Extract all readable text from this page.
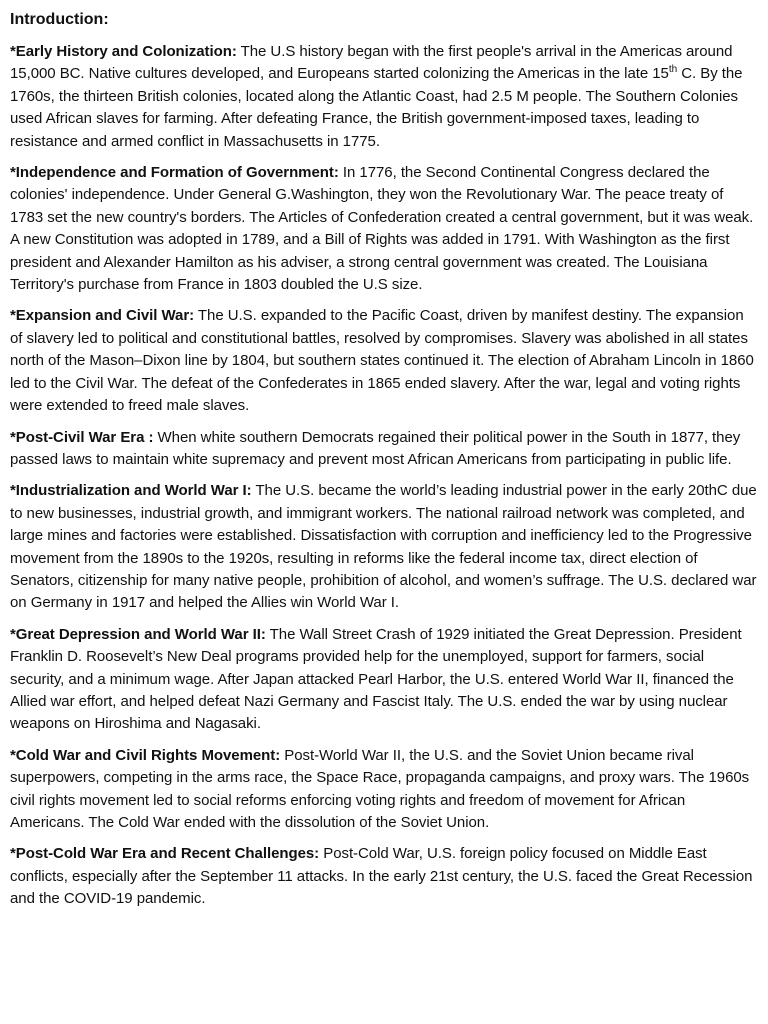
Introduction:

*Early History and Colonization: The U.S history began with the first people's arrival in the Americas around 15,000 BC. Native cultures developed, and Europeans started colonizing the Americas in the late 15th C. By the 1760s, the thirteen British colonies, located along the Atlantic Coast, had 2.5 M people. The Southern Colonies used African slaves for farming. After defeating France, the British government-imposed taxes, leading to resistance and armed conflict in Massachusetts in 1775.

*Independence and Formation of Government: In 1776, the Second Continental Congress declared the colonies' independence. Under General G.Washington, they won the Revolutionary War. The peace treaty of 1783 set the new country's borders. The Articles of Confederation created a central government, but it was weak. A new Constitution was adopted in 1789, and a Bill of Rights was added in 1791. With Washington as the first president and Alexander Hamilton as his adviser, a strong central government was created. The Louisiana Territory's purchase from France in 1803 doubled the U.S size.

*Expansion and Civil War: The U.S. expanded to the Pacific Coast, driven by manifest destiny. The expansion of slavery led to political and constitutional battles, resolved by compromises. Slavery was abolished in all states north of the Mason–Dixon line by 1804, but southern states continued it. The election of Abraham Lincoln in 1860 led to the Civil War. The defeat of the Confederates in 1865 ended slavery. After the war, legal and voting rights were extended to freed male slaves.

*Post-Civil War Era : When white southern Democrats regained their political power in the South in 1877, they passed laws to maintain white supremacy and prevent most African Americans from participating in public life.

*Industrialization and World War I: The U.S. became the world’s leading industrial power in the early 20thC due to new businesses, industrial growth, and immigrant workers. The national railroad network was completed, and large mines and factories were established. Dissatisfaction with corruption and inefficiency led to the Progressive movement from the 1890s to the 1920s, resulting in reforms like the federal income tax, direct election of Senators, citizenship for many native people, prohibition of alcohol, and women’s suffrage. The U.S. declared war on Germany in 1917 and helped the Allies win World War I.

*Great Depression and World War II: The Wall Street Crash of 1929 initiated the Great Depression. President Franklin D. Roosevelt’s New Deal programs provided help for the unemployed, support for farmers, social security, and a minimum wage. After Japan attacked Pearl Harbor, the U.S. entered World War II, financed the Allied war effort, and helped defeat Nazi Germany and Fascist Italy. The U.S. ended the war by using nuclear weapons on Hiroshima and Nagasaki.

*Cold War and Civil Rights Movement: Post-World War II, the U.S. and the Soviet Union became rival superpowers, competing in the arms race, the Space Race, propaganda campaigns, and proxy wars. The 1960s civil rights movement led to social reforms enforcing voting rights and freedom of movement for African Americans. The Cold War ended with the dissolution of the Soviet Union.

*Post-Cold War Era and Recent Challenges: Post-Cold War, U.S. foreign policy focused on Middle East conflicts, especially after the September 11 attacks. In the early 21st century, the U.S. faced the Great Recession and the COVID-19 pandemic.
